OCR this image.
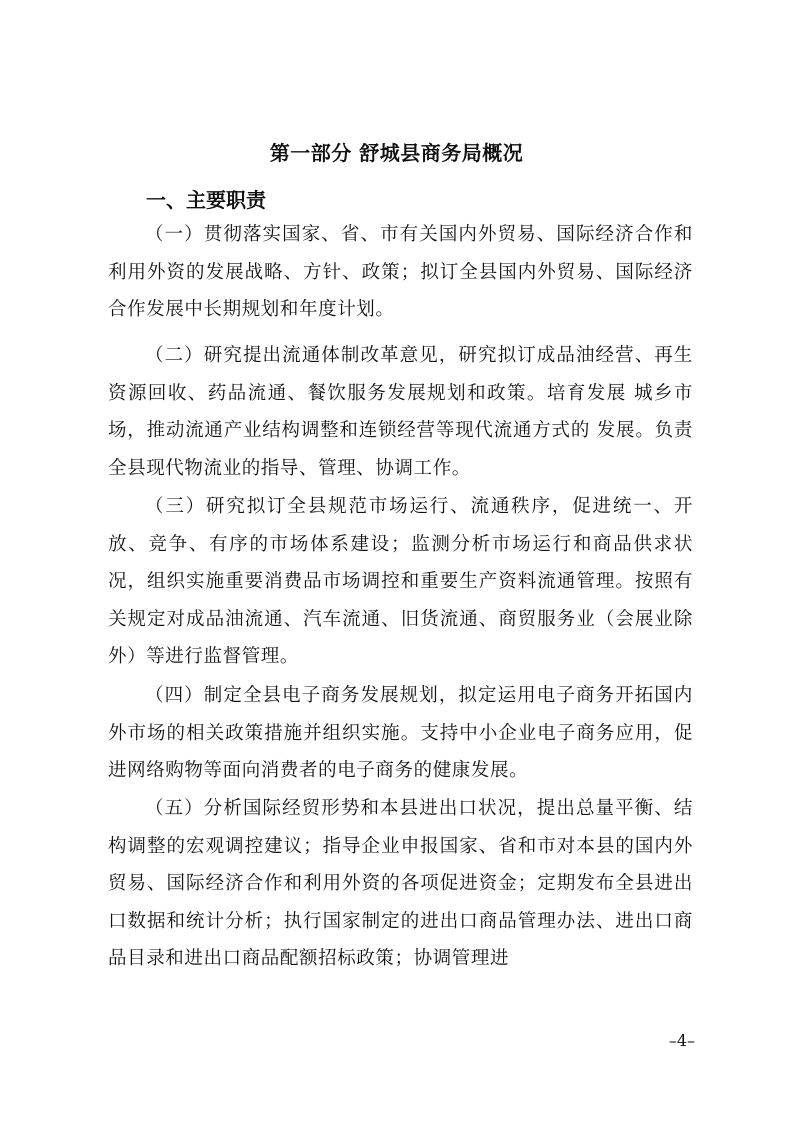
第一部分 舒城县商务局概况
一、主要职责
（一）贯彻落实国家、省、市有关国内外贸易、国际经济合作和利用外资的发展战略、方针、政策；拟订全县国内外贸易、国际经济合作发展中长期规划和年度计划。
（二）研究提出流通体制改革意见，研究拟订成品油经营、再生资源回收、药品流通、餐饮服务发展规划和政策。培育发展 城乡市场，推动流通产业结构调整和连锁经营等现代流通方式的 发展。负责全县现代物流业的指导、管理、协调工作。
（三）研究拟订全县规范市场运行、流通秩序，促进统一、开放、竞争、有序的市场体系建设；监测分析市场运行和商品供求状况，组织实施重要消费品市场调控和重要生产资料流通管理。按照有关规定对成品油流通、汽车流通、旧货流通、商贸服务业（会展业除外）等进行监督管理。
（四）制定全县电子商务发展规划，拟定运用电子商务开拓国内外市场的相关政策措施并组织实施。支持中小企业电子商务应用，促进网络购物等面向消费者的电子商务的健康发展。
（五）分析国际经贸形势和本县进出口状况，提出总量平衡、结构调整的宏观调控建议；指导企业申报国家、省和市对本县的国内外贸易、国际经济合作和利用外资的各项促进资金；定期发布全县进出口数据和统计分析；执行国家制定的进出口商品管理办法、进出口商品目录和进出口商品配额招标政策；协调管理进
–4–
